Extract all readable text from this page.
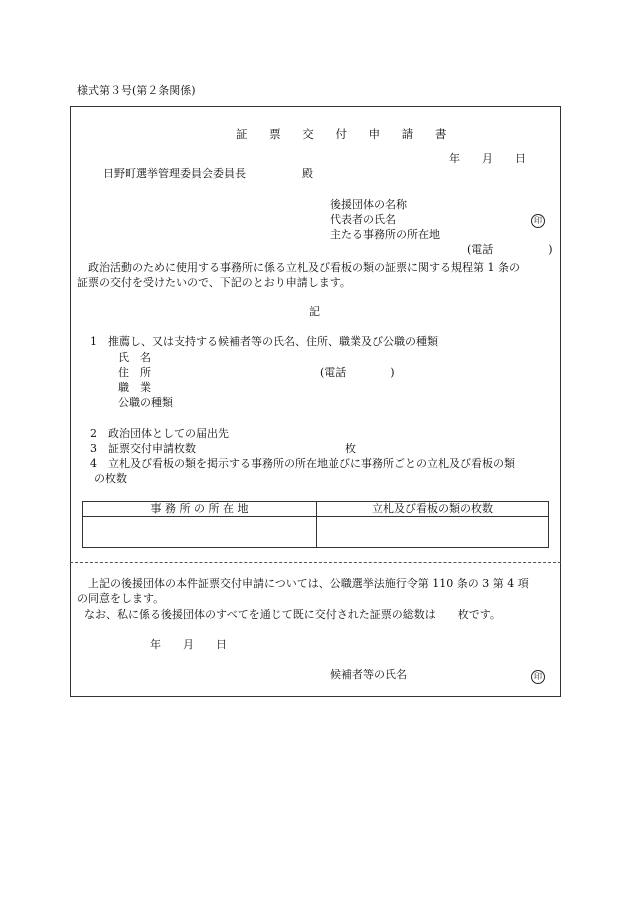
様式第３号(第２条関係)
証 票 交 付 申 請 書
年　　月　　日
日野町選挙管理委員会委員長	殿
後援団体の名称
代表者の氏名	印
主たる事務所の所在地
(電話　　　　　)
政治活動のために使用する事務所に係る立札及び看板の類の証票に関する規程第 1 条の
証票の交付を受けたいので、下記のとおり申請します。
記
1　推薦し、又は支持する候補者等の氏名、住所、職業及び公職の種類
氏　名
住　所	(電話　　　　)
職　業
公職の種類
2　政治団体としての届出先
3　証票交付申請枚数	枚
4　立札及び看板の類を掲示する事務所の所在地並びに事務所ごとの立札及び看板の類
の枚数
事 務 所 の 所 在 地	立札及び看板の類の枚数

上記の後援団体の本件証票交付申請については、公職選挙法施行令第 110 条の 3 第 4 項
の同意をします。
なお、私に係る後援団体のすべてを通じて既に交付された証票の総数は　　枚です。
年　　月　　日
候補者等の氏名	印
